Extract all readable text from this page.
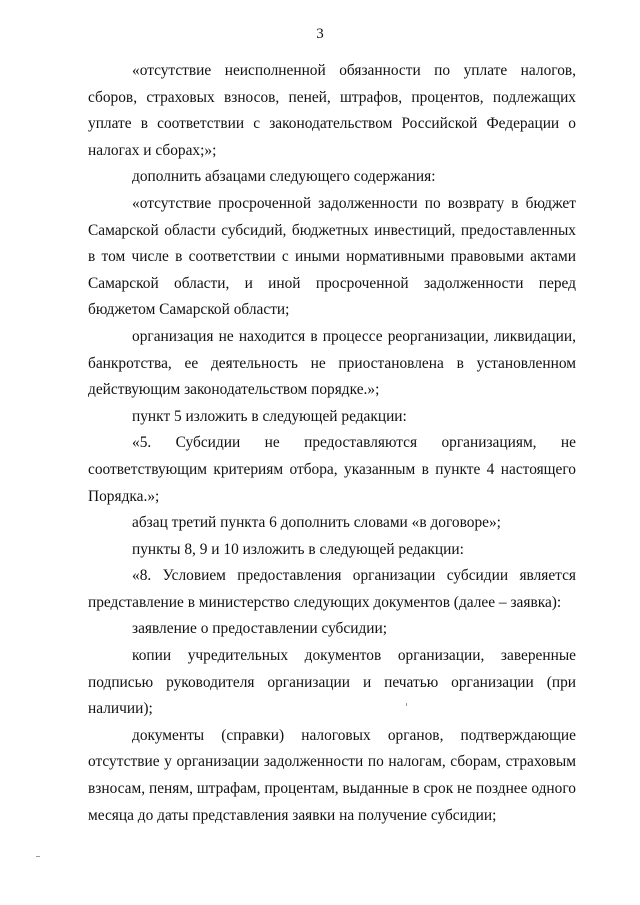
3

«отсутствие неисполненной обязанности по уплате налогов, сборов, страховых взносов, пеней, штрафов, процентов, подлежащих уплате в соответствии с законодательством Российской Федерации о налогах и сборах;»;

дополнить абзацами следующего содержания:

«отсутствие просроченной задолженности по возврату в бюджет Самарской области субсидий, бюджетных инвестиций, предоставленных в том числе в соответствии с иными нормативными правовыми актами Самарской области, и иной просроченной задолженности перед бюджетом Самарской области;

организация не находится в процессе реорганизации, ликвидации, банкротства, ее деятельность не приостановлена в установленном действующим законодательством порядке.»;

пункт 5 изложить в следующей редакции:

«5. Субсидии не предоставляются организациям, не соответствующим критериям отбора, указанным в пункте 4 настоящего Порядка.»;

абзац третий пункта 6 дополнить словами «в договоре»;

пункты 8, 9 и 10 изложить в следующей редакции:

«8. Условием предоставления организации субсидии является представление в министерство следующих документов (далее – заявка):

заявление о предоставлении субсидии;

копии учредительных документов организации, заверенные подписью руководителя организации и печатью организации (при наличии);

документы (справки) налоговых органов, подтверждающие отсутствие у организации задолженности по налогам, сборам, страховым взносам, пеням, штрафам, процентам, выданные в срок не позднее одного месяца до даты представления заявки на получение субсидии;
